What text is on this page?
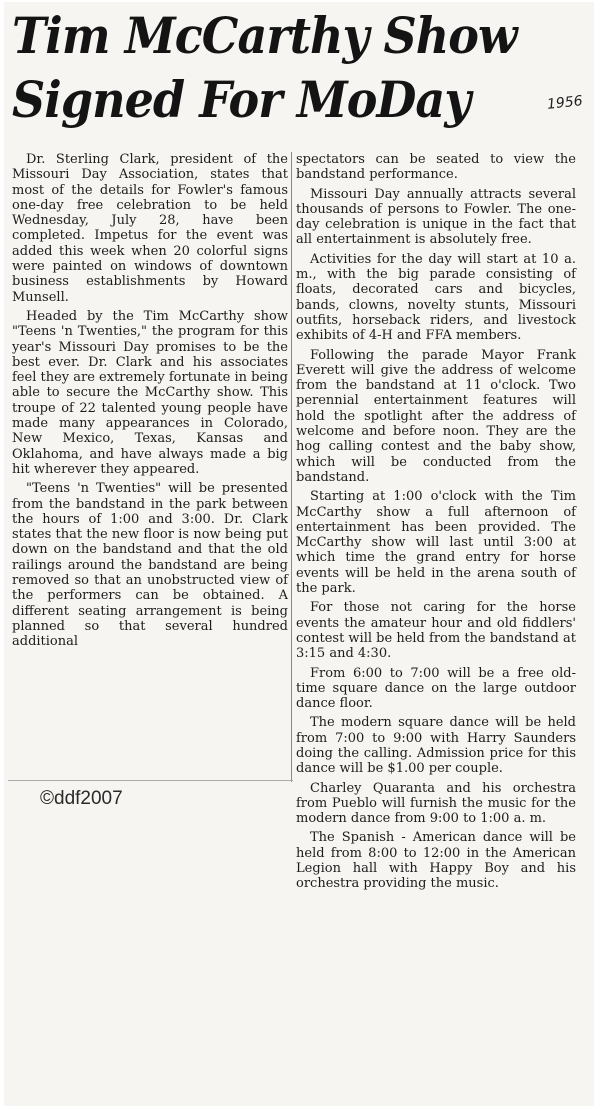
Tim McCarthy Show
Signed For MoDay	1956

Dr. Sterling Clark, president of the Missouri Day Association, states that most of the details for Fowler's famous one-day free celebration to be held Wednesday, July 28, have been completed. Impetus for the event was added this week when 20 colorful signs were painted on windows of downtown business establishments by Howard Munsell.

Headed by the Tim McCarthy show "Teens 'n Twenties," the program for this year's Missouri Day promises to be the best ever. Dr. Clark and his associates feel they are extremely fortunate in being able to secure the McCarthy show. This troupe of 22 talented young people have made many appearances in Colorado, New Mexico, Texas, Kansas and Oklahoma, and have always made a big hit wherever they appeared.

"Teens 'n Twenties" will be presented from the bandstand in the park between the hours of 1:00 and 3:00. Dr. Clark states that the new floor is now being put down on the bandstand and that the old railings around the bandstand are being removed so that an unobstructed view of the performers can be obtained. A different seating arrangement is being planned so that several hundred additional

spectators can be seated to view the bandstand performance.

Missouri Day annually attracts several thousands of persons to Fowler. The one-day celebration is unique in the fact that all entertainment is absolutely free.

Activities for the day will start at 10 a. m., with the big parade consisting of floats, decorated cars and bicycles, bands, clowns, novelty stunts, Missouri outfits, horseback riders, and livestock exhibits of 4-H and FFA members.

Following the parade Mayor Frank Everett will give the address of welcome from the bandstand at 11 o'clock. Two perennial entertainment features will hold the spotlight after the address of welcome and before noon. They are the hog calling contest and the baby show, which will be conducted from the bandstand.

Starting at 1:00 o'clock with the Tim McCarthy show a full afternoon of entertainment has been provided. The McCarthy show will last until 3:00 at which time the grand entry for horse events will be held in the arena south of the park.

For those not caring for the horse events the amateur hour and old fiddlers' contest will be held from the bandstand at 3:15 and 4:30.

From 6:00 to 7:00 will be a free old-time square dance on the large outdoor dance floor.

The modern square dance will be held from 7:00 to 9:00 with Harry Saunders doing the calling. Admission price for this dance will be $1.00 per couple.

Charley Quaranta and his orchestra from Pueblo will furnish the music for the modern dance from 9:00 to 1:00 a. m.

The Spanish - American dance will be held from 8:00 to 12:00 in the American Legion hall with Happy Boy and his orchestra providing the music.

©ddf2007
